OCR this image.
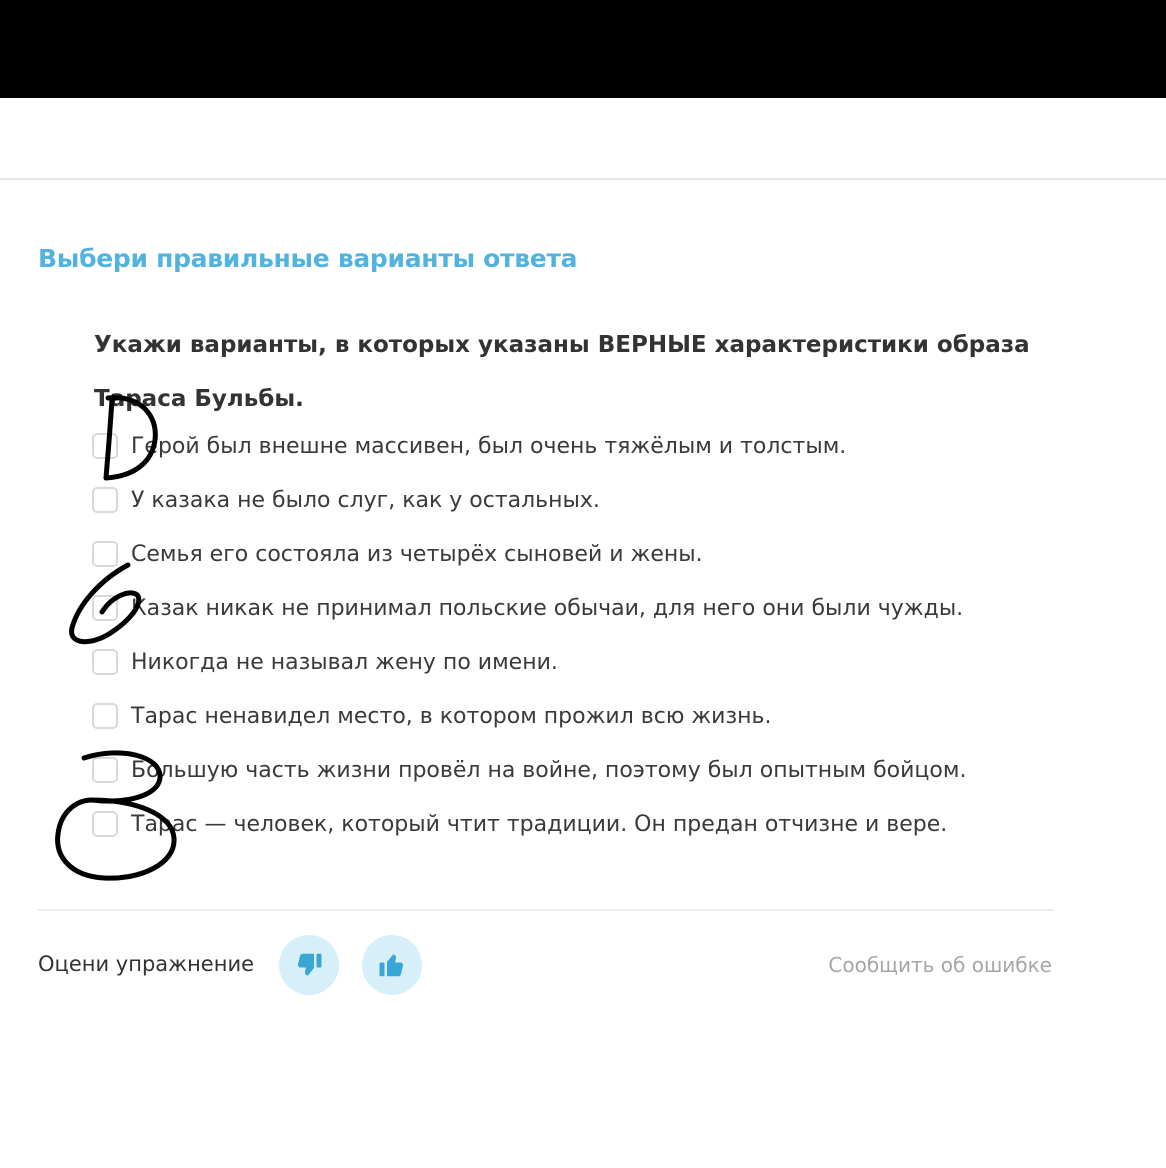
Выбери правильные варианты ответа
Укажи варианты, в которых указаны ВЕРНЫЕ характеристики образа Тараса Бульбы.
Герой был внешне массивен, был очень тяжёлым и толстым.
У казака не было слуг, как у остальных.
Семья его состояла из четырёх сыновей и жены.
Казак никак не принимал польские обычаи, для него они были чужды.
Никогда не называл жену по имени.
Тарас ненавидел место, в котором прожил всю жизнь.
Большую часть жизни провёл на войне, поэтому был опытным бойцом.
Тарас — человек, который чтит традиции. Он предан отчизне и вере.
Оцени упражнение	Сообщить об ошибке
